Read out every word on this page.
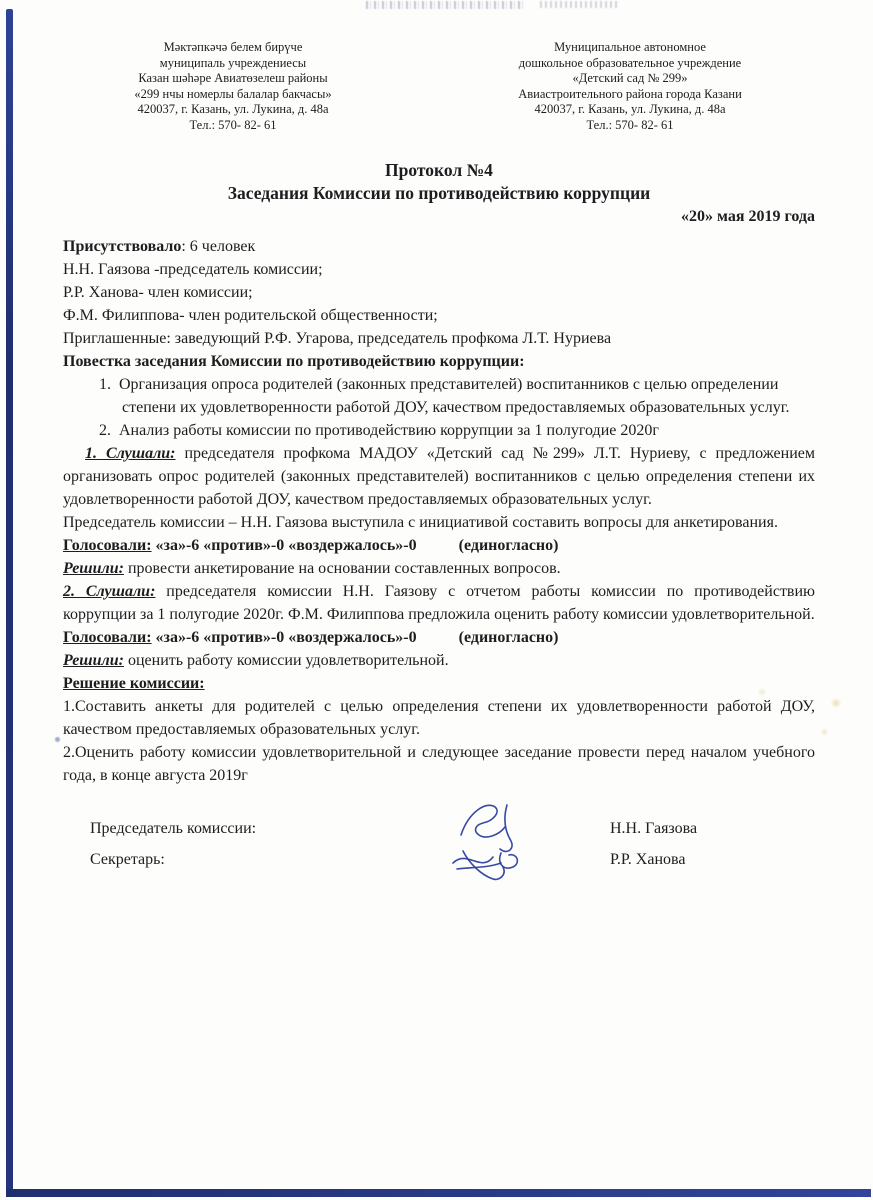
Мәктәпкәчә белем бирүче
муниципаль учреждениесы
Казан шәһәре Авиатөзелеш районы
«299 нчы номерлы балалар бакчасы»
420037, г. Казань, ул. Лукина, д. 48а
Тел.: 570- 82- 61
Муниципальное автономное
дошкольное образовательное учреждение
«Детский сад № 299»
Авиастроительного района города Казани
420037, г. Казань, ул. Лукина, д. 48а
Тел.: 570- 82- 61
Протокол №4
Заседания Комиссии по противодействию коррупции
«20» мая 2019 года

Присутствовало: 6 человек

Н.Н. Гаязова -председатель комиссии;

Р.Р. Ханова- член комиссии;

Ф.М. Филиппова- член родительской общественности;

Приглашенные: заведующий Р.Ф. Угарова, председатель профкома Л.Т. Нуриева

Повестка заседания Комиссии по противодействию коррупции:

1. Организация опроса родителей (законных представителей) воспитанников с целью определении степени их удовлетворенности работой ДОУ, качеством предоставляемых образовательных услуг.

2. Анализ работы комиссии по противодействию коррупции за 1 полугодие 2020г

1. Слушали: председателя профкома МАДОУ «Детский сад №299» Л.Т. Нуриеву, с предложением организовать опрос родителей (законных представителей) воспитанников с целью определения степени их удовлетворенности работой ДОУ, качеством предоставляемых образовательных услуг.

Председатель комиссии – Н.Н. Гаязова выступила с инициативой составить вопросы для анкетирования.

Голосовали: «за»-6 «против»-0 «воздержалось»-0	(единогласно)

Решили: провести анкетирование на основании составленных вопросов.

2. Слушали: председателя комиссии Н.Н. Гаязову с отчетом работы комиссии по противодействию коррупции за 1 полугодие 2020г. Ф.М. Филиппова предложила оценить работу комиссии удовлетворительной.

Голосовали: «за»-6 «против»-0 «воздержалось»-0	(единогласно)

Решили: оценить работу комиссии удовлетворительной.

Решение комиссии:

1.Составить анкеты для родителей с целью определения степени их удовлетворенности работой ДОУ, качеством предоставляемых образовательных услуг.

2.Оценить работу комиссии удовлетворительной и следующее заседание провести перед началом учебного года, в конце августа 2019г

Председатель комиссии:	Н.Н. Гаязова
Секретарь:	Р.Р. Ханова
